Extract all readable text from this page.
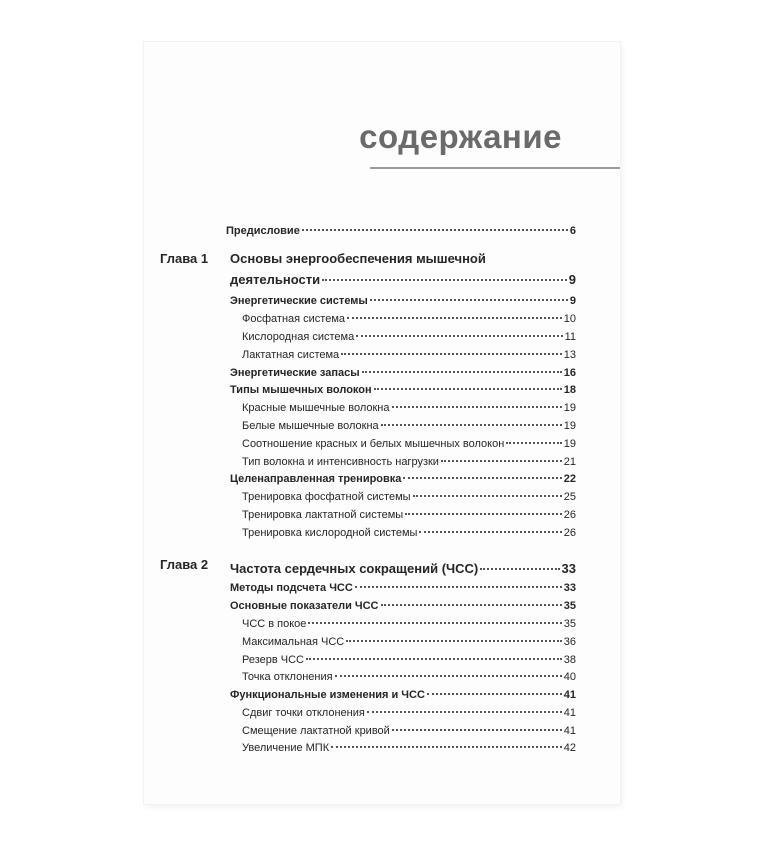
содержание
Предисловие	6
Глава 1 Основы энергообеспечения мышечной
деятельности	9
Энергетические системы	9
Фосфатная система	10
Кислородная система	11
Лактатная система	13
Энергетические запасы	16
Типы мышечных волокон	18
Красные мышечные волокна	19
Белые мышечные волокна	19
Соотношение красных и белых мышечных волокон	19
Тип волокна и интенсивность нагрузки	21
Целенаправленная тренировка	22
Тренировка фосфатной системы	25
Тренировка лактатной системы	26
Тренировка кислородной системы	26
Глава 2 Частота сердечных сокращений (ЧСС)	33
Методы подсчета ЧСС	33
Основные показатели ЧСС	35
ЧСС в покое	35
Максимальная ЧСС	36
Резерв ЧСС	38
Точка отклонения	40
Функциональные изменения и ЧСС	41
Сдвиг точки отклонения	41
Смещение лактатной кривой	41
Увеличение МПК	42
